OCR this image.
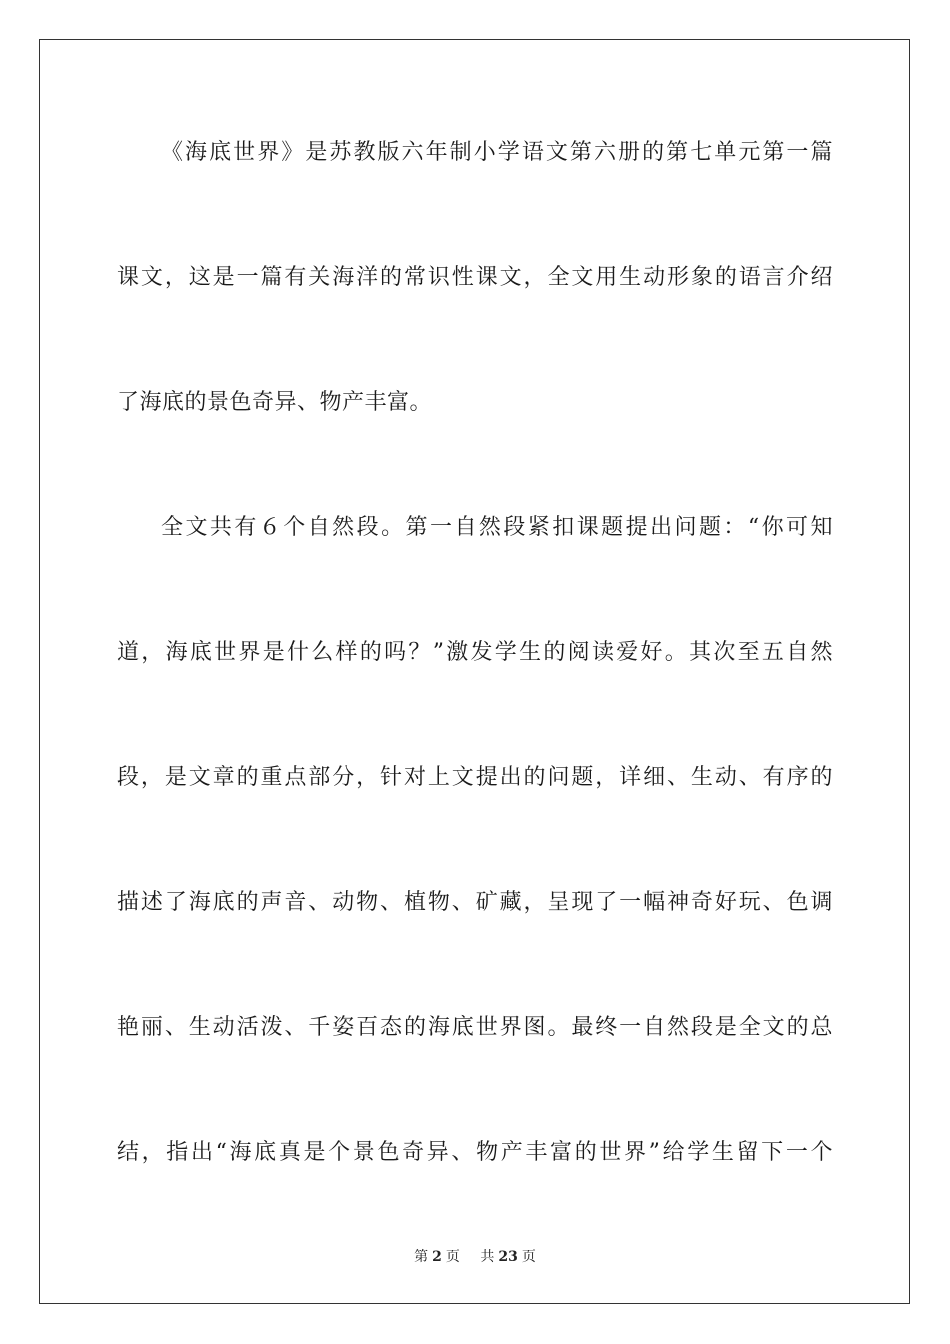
《海底世界》是苏教版六年制小学语文第六册的第七单元第一篇
课文，这是一篇有关海洋的常识性课文，全文用生动形象的语言介绍
了海底的景色奇异、物产丰富。
全文共有６个自然段。第一自然段紧扣课题提出问题：“你可知
道，海底世界是什么样的吗？”激发学生的阅读爱好。其次至五自然
段，是文章的重点部分，针对上文提出的问题，详细、生动、有序的
描述了海底的声音、动物、植物、矿藏，呈现了一幅神奇好玩、色调
艳丽、生动活泼、千姿百态的海底世界图。最终一自然段是全文的总
结，指出“海底真是个景色奇异、物产丰富的世界”给学生留下一个
第 2 页 共 23 页
